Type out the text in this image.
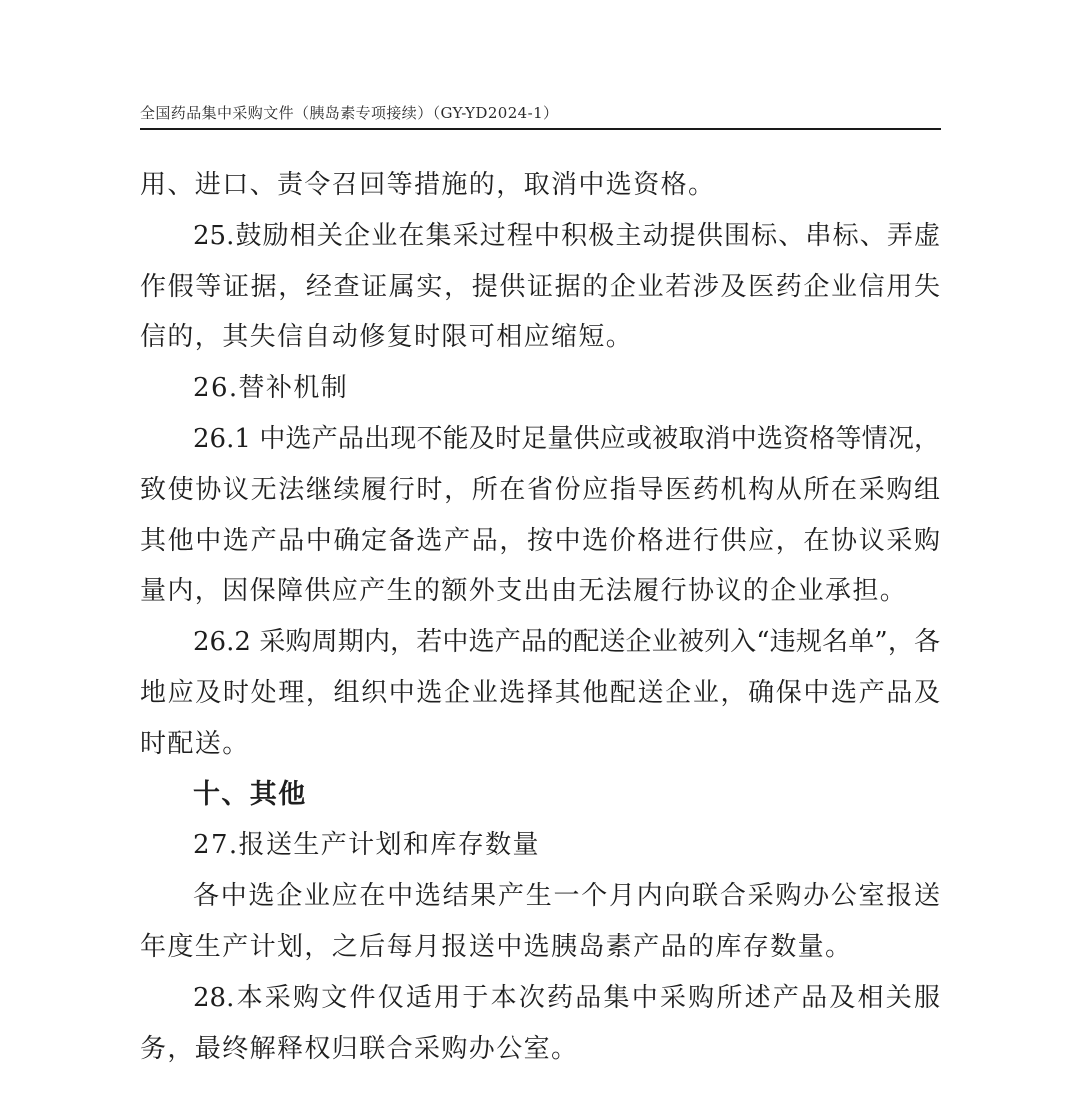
全国药品集中采购文件（胰岛素专项接续）（GY-YD2024-1）
用、进口、责令召回等措施的，取消中选资格。
25.鼓励相关企业在集采过程中积极主动提供围标、串标、弄虚
作假等证据，经查证属实，提供证据的企业若涉及医药企业信用失
信的，其失信自动修复时限可相应缩短。
26.替补机制
26.1 中选产品出现不能及时足量供应或被取消中选资格等情况，
致使协议无法继续履行时，所在省份应指导医药机构从所在采购组
其他中选产品中确定备选产品，按中选价格进行供应，在协议采购
量内，因保障供应产生的额外支出由无法履行协议的企业承担。
26.2 采购周期内，若中选产品的配送企业被列入“违规名单”，各
地应及时处理，组织中选企业选择其他配送企业，确保中选产品及
时配送。
十、其他
27.报送生产计划和库存数量
各中选企业应在中选结果产生一个月内向联合采购办公室报送
年度生产计划，之后每月报送中选胰岛素产品的库存数量。
28.本采购文件仅适用于本次药品集中采购所述产品及相关服
务，最终解释权归联合采购办公室。
